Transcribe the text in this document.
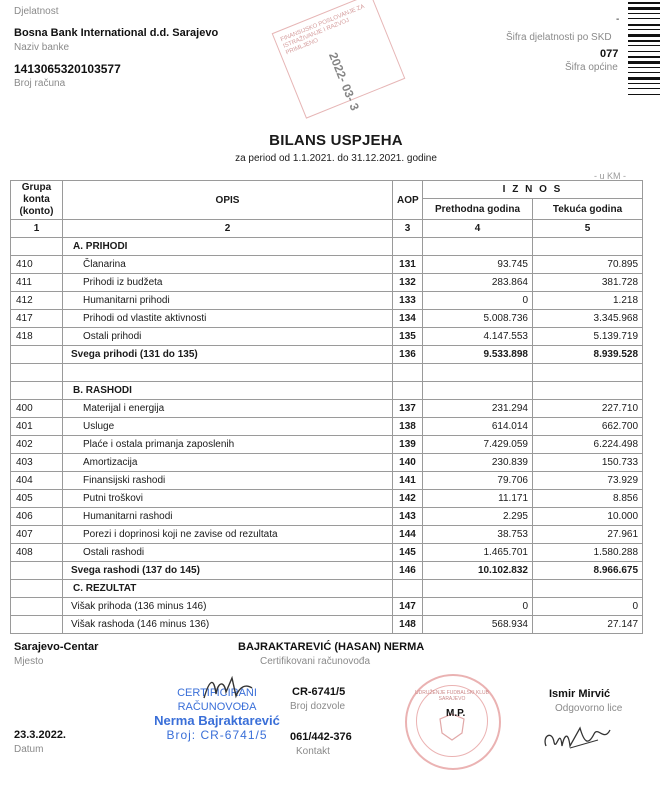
Djelatnost
Bosna Bank International d.d. Sarajevo
Naziv banke
1413065320103577
Broj računa
-
Šifra djelatnosti po SKD
077
Šifra općine
FINANSIJSKO POSLOVANJE ZA ISTRAŽIVANJE I RAZVOJ PRIMLJENO
2022- 03- 3
BILANS USPJEHA
za period od 1.1.2021. do 31.12.2021. godine
- u KM -
Grupa konta (konto)	OPIS	AOP	I Z N O S	
			Prethodna godina	Tekuća godina
1	2	3	4	5
	A. PRIHODI			
410	Članarina	131	93.745	70.895
411	Prihodi iz budžeta	132	283.864	381.728
412	Humanitarni prihodi	133	0	1.218
417	Prihodi od vlastite aktivnosti	134	5.008.736	3.345.968
418	Ostali prihodi	135	4.147.553	5.139.719
	Svega prihodi (131 do 135)	136	9.533.898	8.939.528

	B. RASHODI			
400	Materijal i energija	137	231.294	227.710
401	Usluge	138	614.014	662.700
402	Plaće i ostala primanja zaposlenih	139	7.429.059	6.224.498
403	Amortizacija	140	230.839	150.733
404	Finansijski rashodi	141	79.706	73.929
405	Putni troškovi	142	11.171	8.856
406	Humanitarni rashodi	143	2.295	10.000
407	Porezi i doprinosi koji ne zavise od rezultata	144	38.753	27.961
408	Ostali rashodi	145	1.465.701	1.580.288
	Svega rashodi (137 do 145)	146	10.102.832	8.966.675
	C. REZULTAT			
	Višak prihoda (136 minus 146)	147	0	0
	Višak rashoda (146 minus 136)	148	568.934	27.147
Sarajevo-Centar
Mjesto
BAJRAKTAREVIĆ (HASAN) NERMA
Certifikovani računovođa
CERTIFICIRANI RAČUNOVOĐA
Nerma Bajraktarević
Broj: CR-6741/5
CR-6741/5
Broj dozvole
061/442-376
Kontakt
23.3.2022.
Datum
UDRUŽENJE FUDBALSKI KLUB SARAJEVO
M.P.
Ismir Mirvić
Odgovorno lice
